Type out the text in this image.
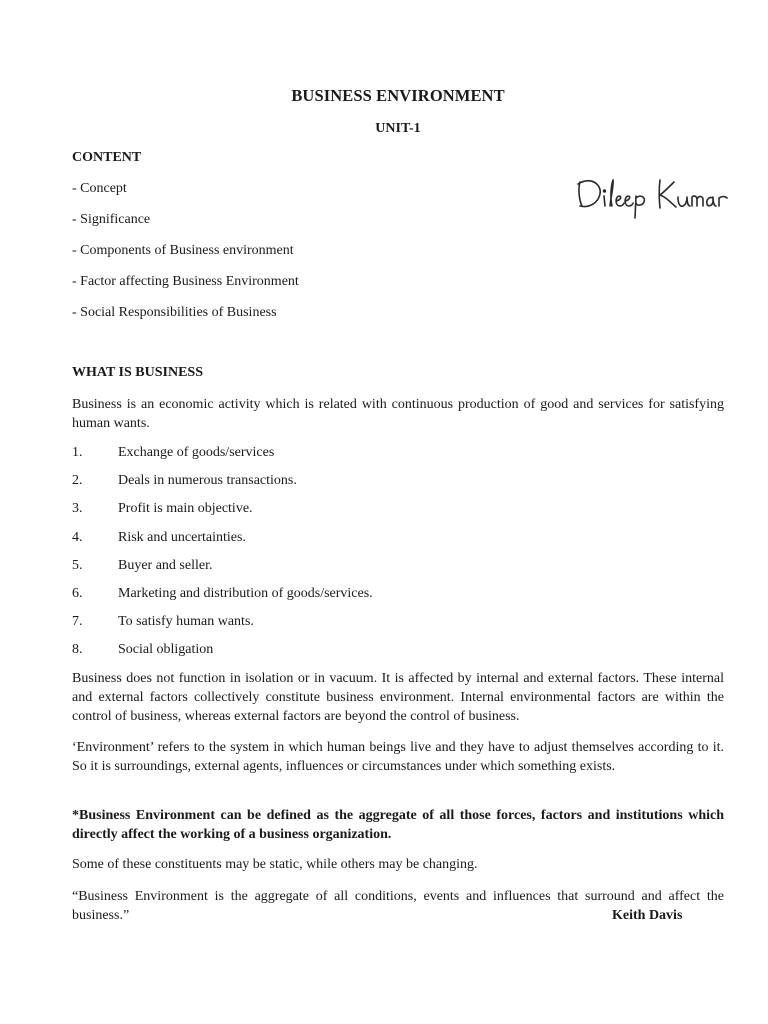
BUSINESS ENVIRONMENT
UNIT-1
CONTENT
- Concept
- Significance
- Components of Business environment
- Factor affecting Business Environment
- Social Responsibilities of Business
WHAT IS BUSINESS

Business is an economic activity which is related with continuous production of good and services for satisfying human wants.

1.	Exchange of goods/services
2.	Deals in numerous transactions.
3.	Profit is main objective.
4.	Risk and uncertainties.
5.	Buyer and seller.
6.	Marketing and distribution of goods/services.
7.	To satisfy human wants.
8.	Social obligation

Business does not function in isolation or in vacuum. It is affected by internal and external factors. These internal and external factors collectively constitute business environment. Internal environmental factors are within the control of business, whereas external factors are beyond the control of business.

‘Environment’ refers to the system in which human beings live and they have to adjust themselves according to it. So it is surroundings, external agents, influences or circumstances under which something exists.

*Business Environment can be defined as the aggregate of all those forces, factors and institutions which directly affect the working of a business organization.

Some of these constituents may be static, while others may be changing.

“Business Environment is the aggregate of all conditions, events and influences that surround and affect the business.”	Keith Davis
